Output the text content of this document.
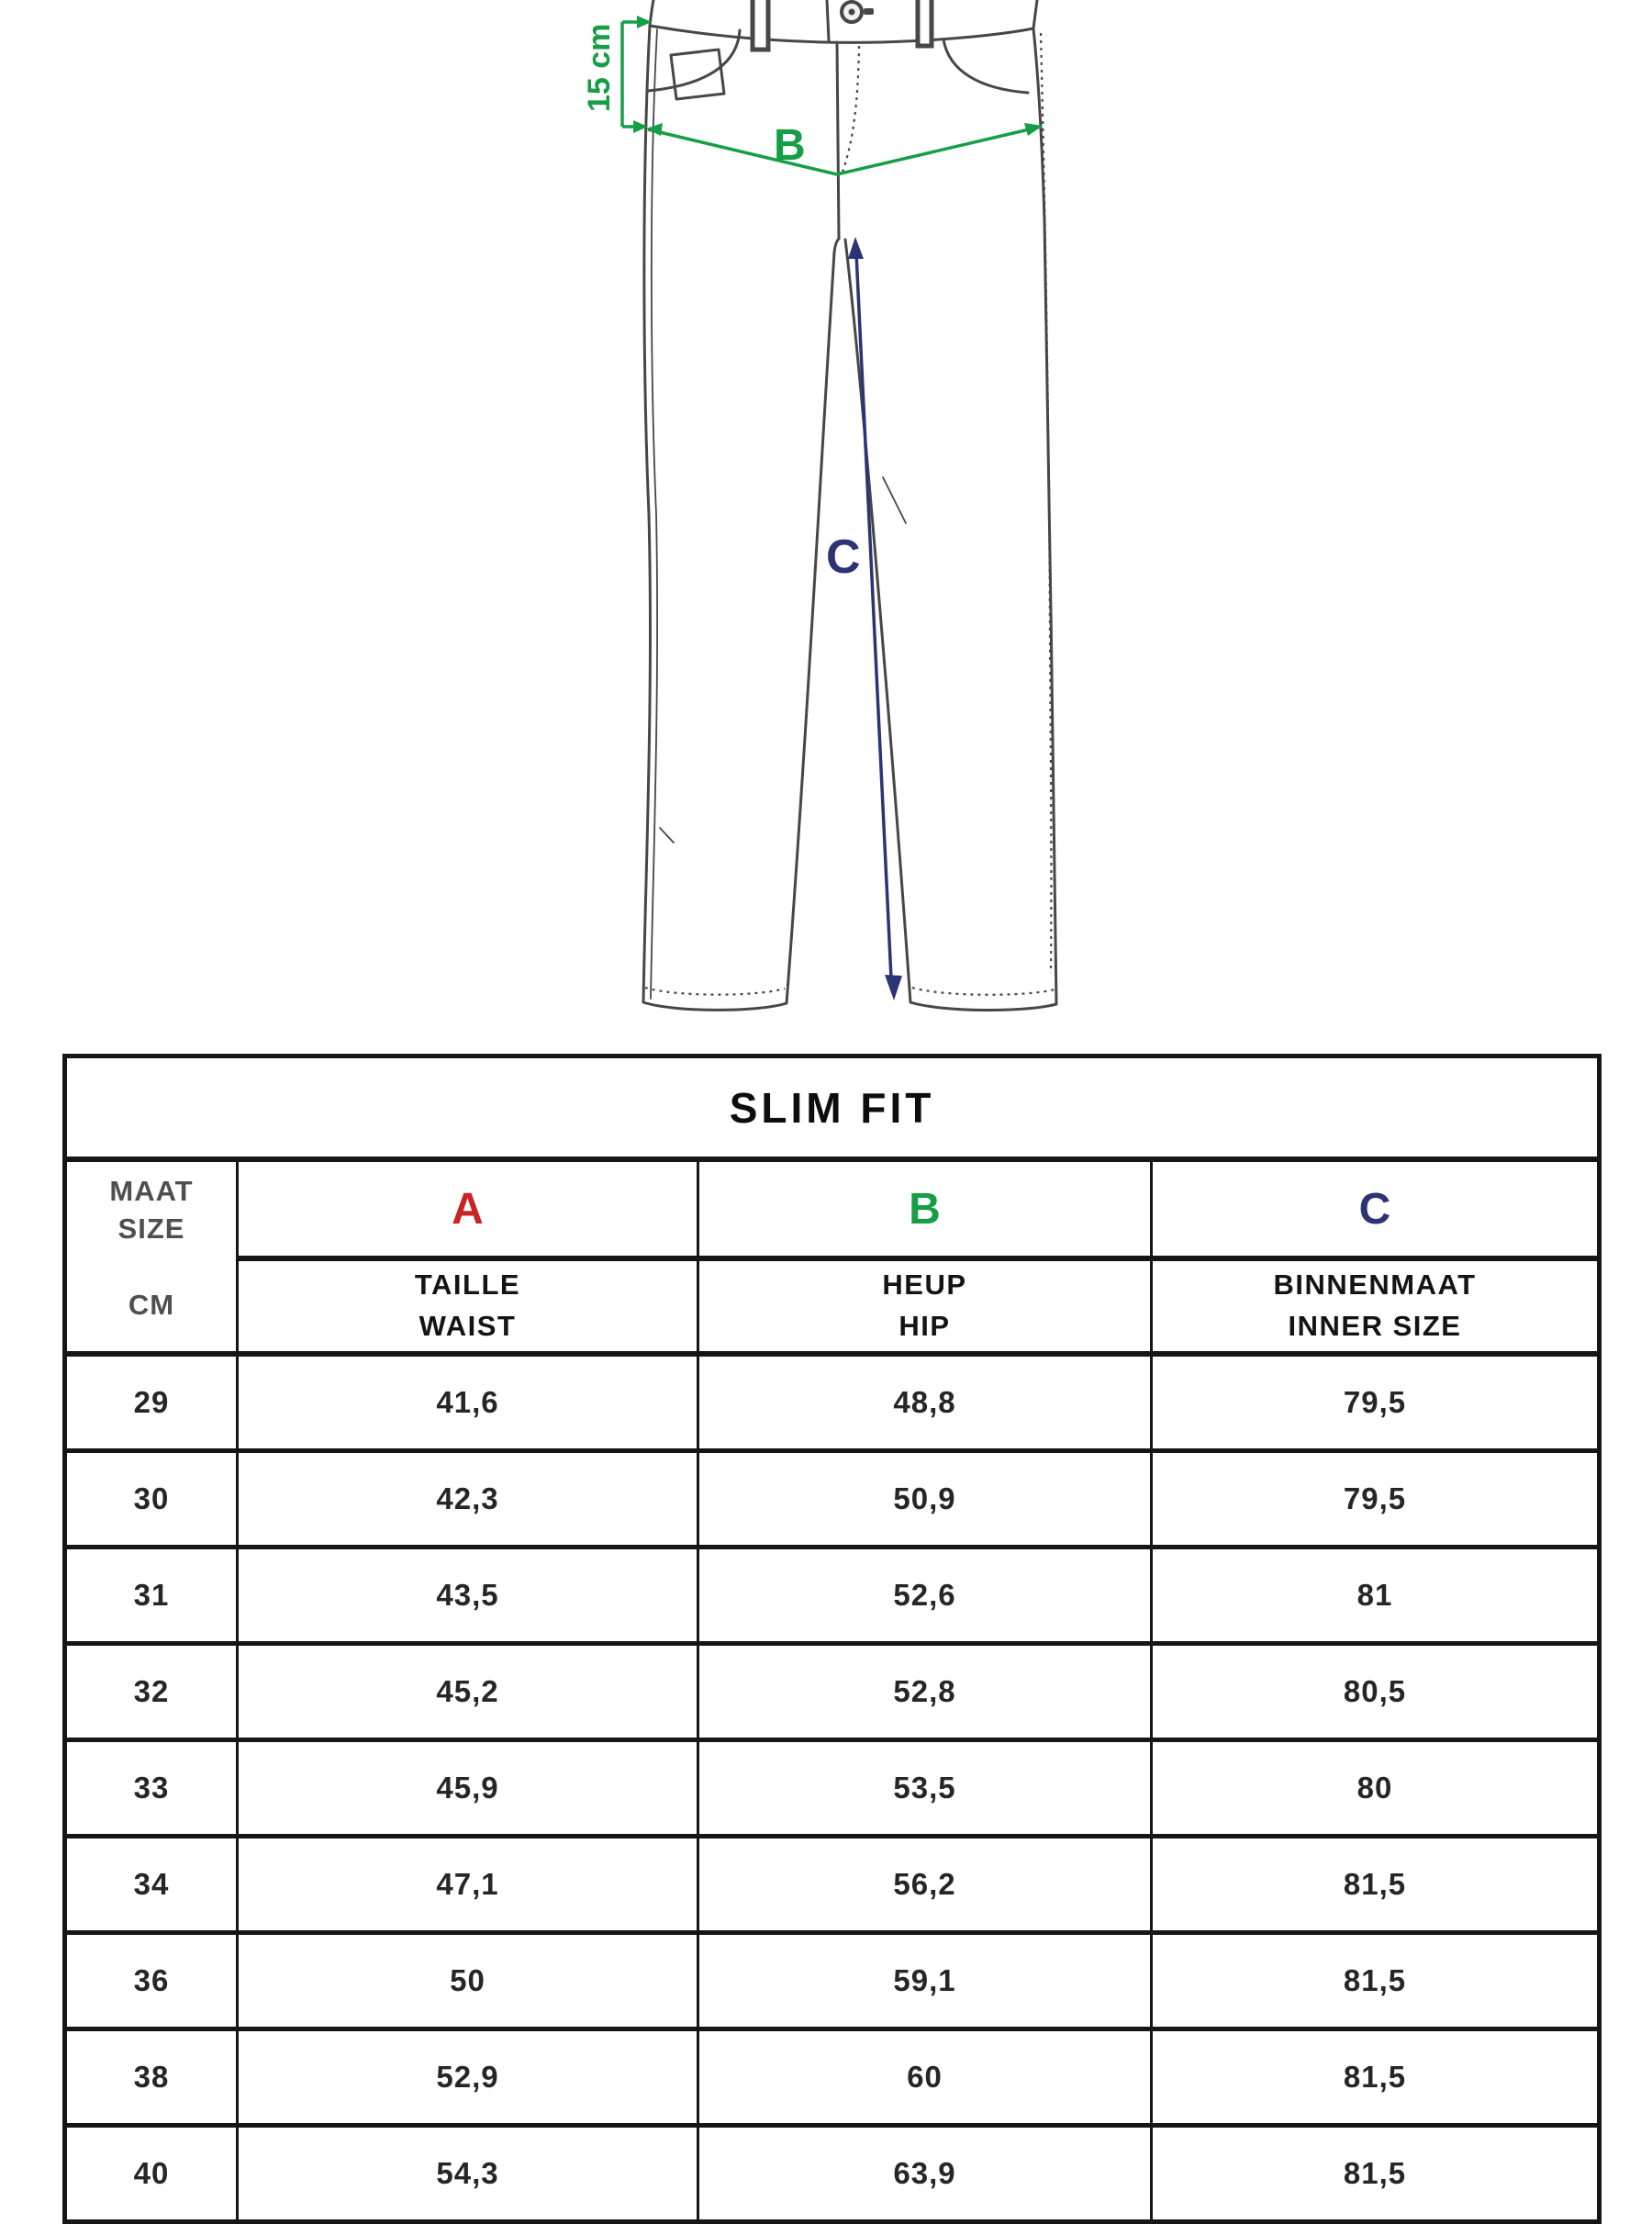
15 cm
B
C
SLIM FIT			

MAAT
SIZE
CM	A	B	C

TAILLE
WAIST

HEUP
HIP

BINNENMAAT
INNER SIZE

29	41,6	48,8	79,5
30	42,3	50,9	79,5
31	43,5	52,6	81
32	45,2	52,8	80,5
33	45,9	53,5	80
34	47,1	56,2	81,5
36	50	59,1	81,5
38	52,9	60	81,5
40	54,3	63,9	81,5
